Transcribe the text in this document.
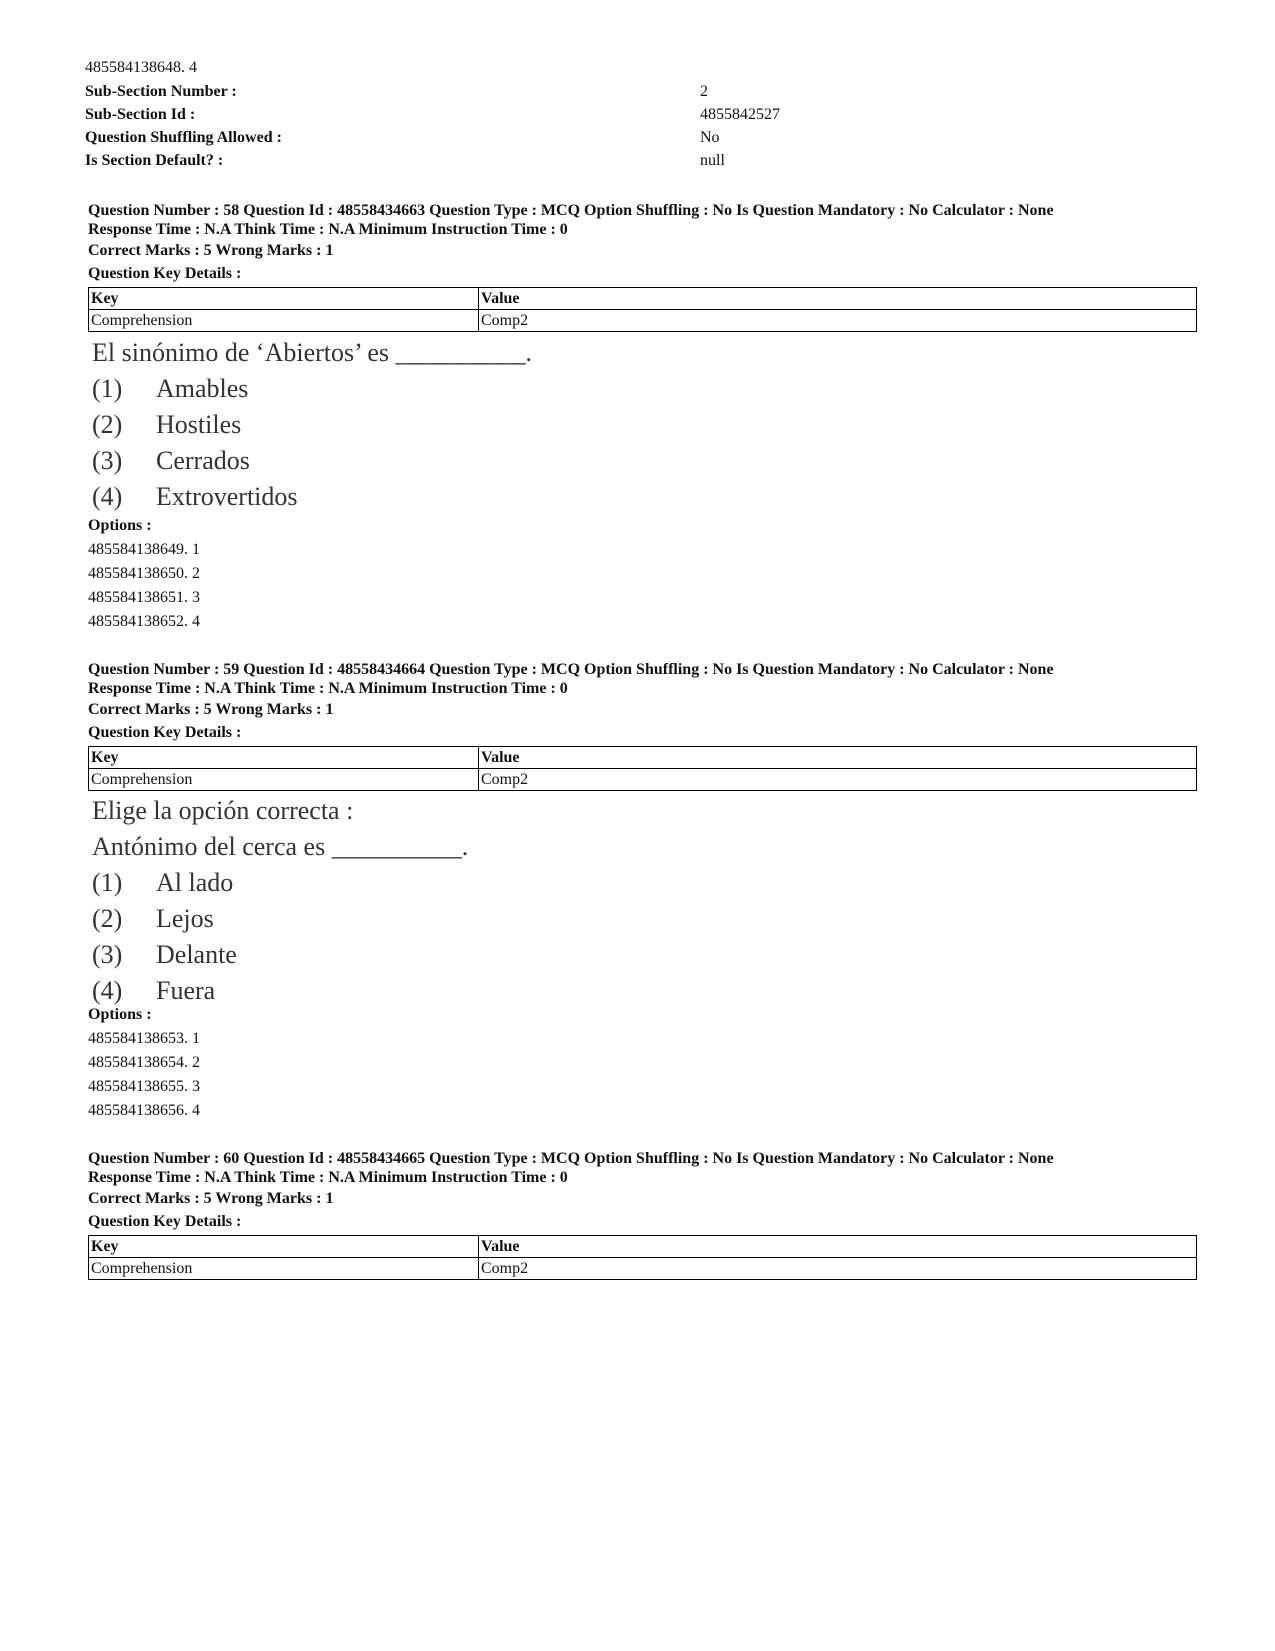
485584138648. 4
Sub-Section Number :	2
Sub-Section Id :	4855842527
Question Shuffling Allowed :	No
Is Section Default? :	null
Question Number : 58 Question Id : 48558434663 Question Type : MCQ Option Shuffling : No Is Question Mandatory : No Calculator : None
Response Time : N.A Think Time : N.A Minimum Instruction Time : 0
Correct Marks : 5 Wrong Marks : 1
Question Key Details :
Key	Value
Comprehension	Comp2
El sinónimo de ‘Abiertos’ es __________.
(1) Amables
(2) Hostiles
(3) Cerrados
(4) Extrovertidos
Options :
485584138649. 1
485584138650. 2
485584138651. 3
485584138652. 4
Question Number : 59 Question Id : 48558434664 Question Type : MCQ Option Shuffling : No Is Question Mandatory : No Calculator : None
Response Time : N.A Think Time : N.A Minimum Instruction Time : 0
Correct Marks : 5 Wrong Marks : 1
Question Key Details :
Key	Value
Comprehension	Comp2
Elige la opción correcta :
Antónimo del cerca es __________.
(1) Al lado
(2) Lejos
(3) Delante
(4) Fuera
Options :
485584138653. 1
485584138654. 2
485584138655. 3
485584138656. 4
Question Number : 60 Question Id : 48558434665 Question Type : MCQ Option Shuffling : No Is Question Mandatory : No Calculator : None
Response Time : N.A Think Time : N.A Minimum Instruction Time : 0
Correct Marks : 5 Wrong Marks : 1
Question Key Details :
Key	Value
Comprehension	Comp2
